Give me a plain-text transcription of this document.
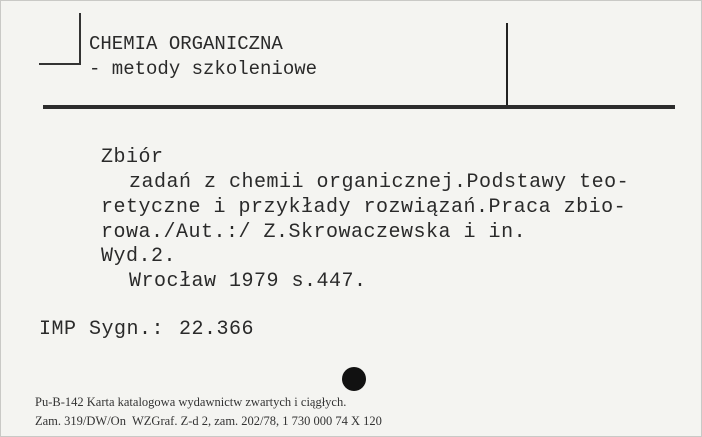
CHEMIA ORGANICZNA
- metody szkoleniowe
Zbiór
zadań z chemii organicznej.Podstawy teo-
retyczne i przykłady rozwiązań.Praca zbio-
rowa./Aut.:/ Z.Skrowaczewska i in.
Wyd.2.
Wrocław 1979 s.447.
IMP Sygn.: 22.366
Pu-B-142 Karta katalogowa wydawnictw zwartych i ciągłych.
Zam. 319/DW/On  WZGraf. Z-d 2, zam. 202/78, 1 730 000 74 X 120
